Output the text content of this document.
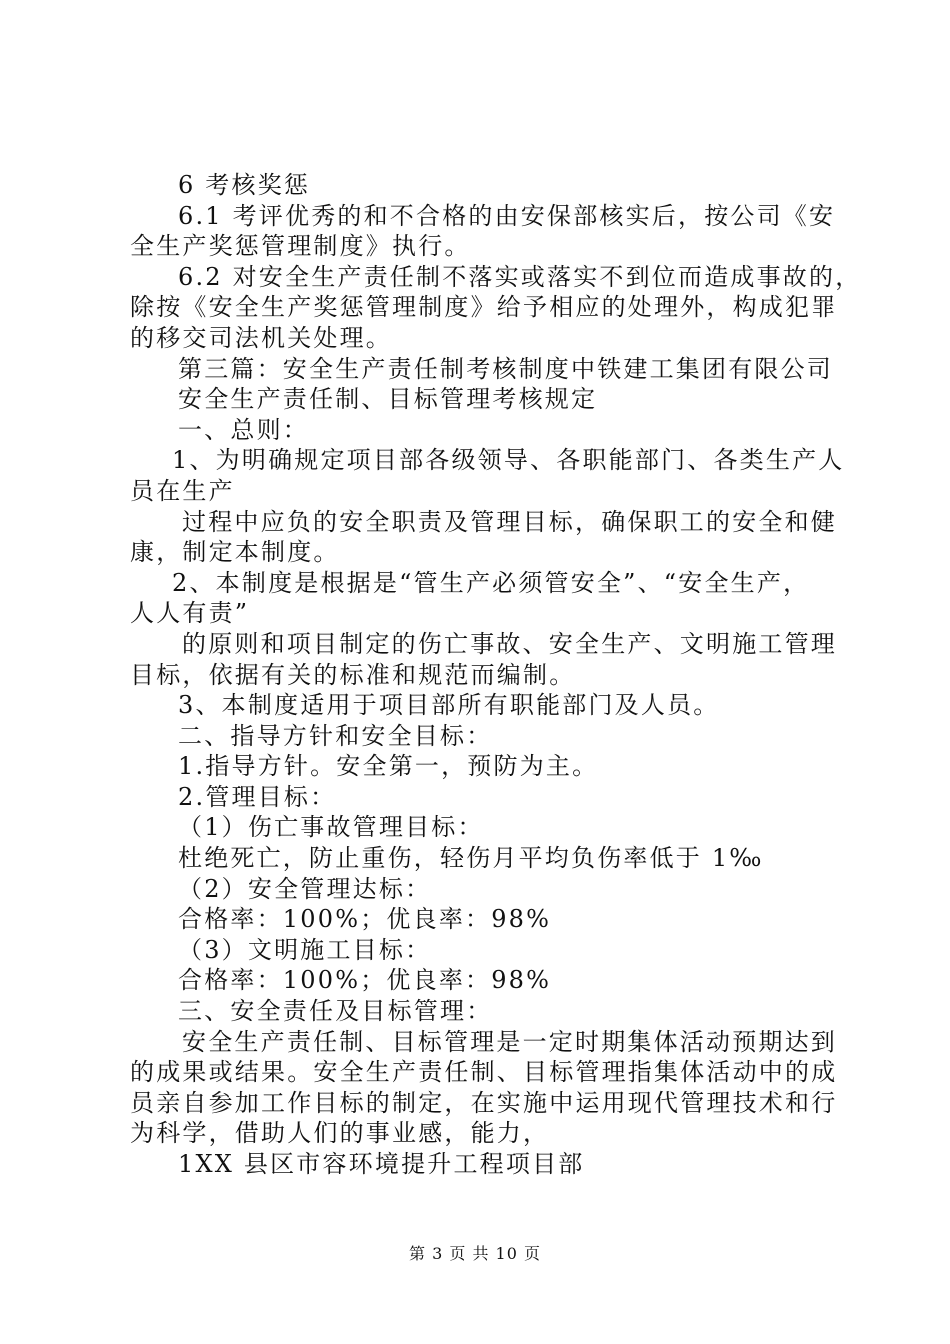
6 考核奖惩
6.1 考评优秀的和不合格的由安保部核实后，按公司《安
全生产奖惩管理制度》执行。
6.2 对安全生产责任制不落实或落实不到位而造成事故的，
除按《安全生产奖惩管理制度》给予相应的处理外，构成犯罪
的移交司法机关处理。
第三篇：安全生产责任制考核制度中铁建工集团有限公司
安全生产责任制、目标管理考核规定
一、总则：
1、为明确规定项目部各级领导、各职能部门、各类生产人
员在生产
过程中应负的安全职责及管理目标，确保职工的安全和健
康，制定本制度。
2、本制度是根据是“管生产必须管安全”、“安全生产，
人人有责”
的原则和项目制定的伤亡事故、安全生产、文明施工管理
目标，依据有关的标准和规范而编制。
3、本制度适用于项目部所有职能部门及人员。
二、指导方针和安全目标：
1.指导方针。安全第一，预防为主。
2.管理目标：
（1）伤亡事故管理目标：
杜绝死亡，防止重伤，轻伤月平均负伤率低于 1‰
（2）安全管理达标：
合格率：100%；优良率：98%
（3）文明施工目标：
合格率：100%；优良率：98%
三、安全责任及目标管理：
安全生产责任制、目标管理是一定时期集体活动预期达到
的成果或结果。安全生产责任制、目标管理指集体活动中的成
员亲自参加工作目标的制定，在实施中运用现代管理技术和行
为科学，借助人们的事业感，能力，
1XX 县区市容环境提升工程项目部
第 3 页 共 10 页
